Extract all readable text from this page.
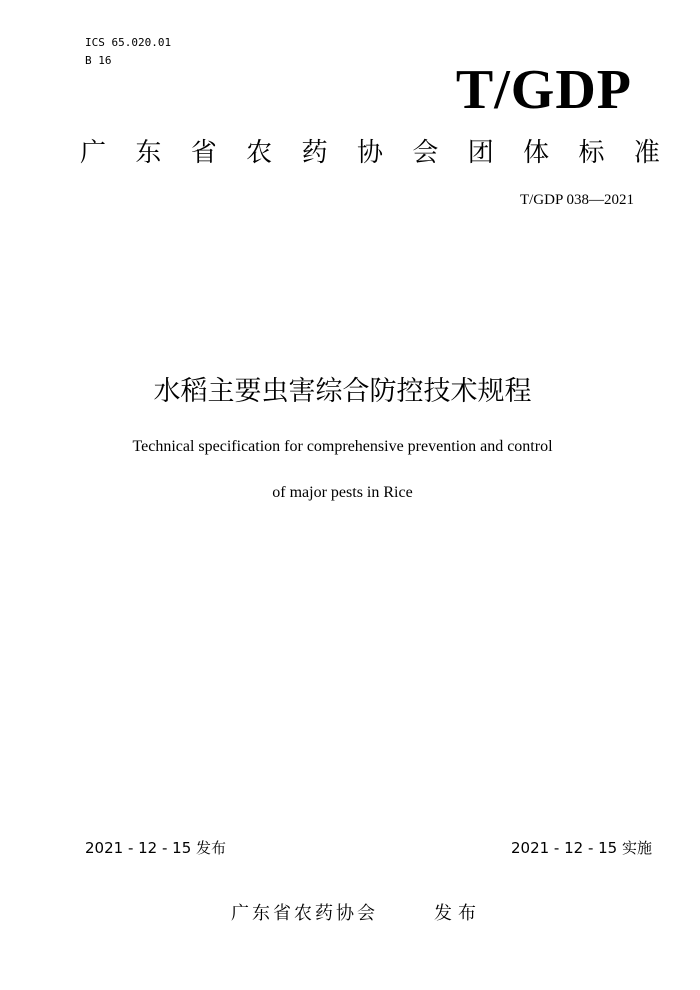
ICS 65.020.01
B 16	T/GDP
广 东 省 农 药 协 会 团 体 标 准
T/GDP 038—2021
水稻主要虫害综合防控技术规程
Technical specification for comprehensive prevention and control
of major pests in Rice
2021 - 12 - 15 发布	2021 - 12 - 15 实施
广东省农药协会	发布
